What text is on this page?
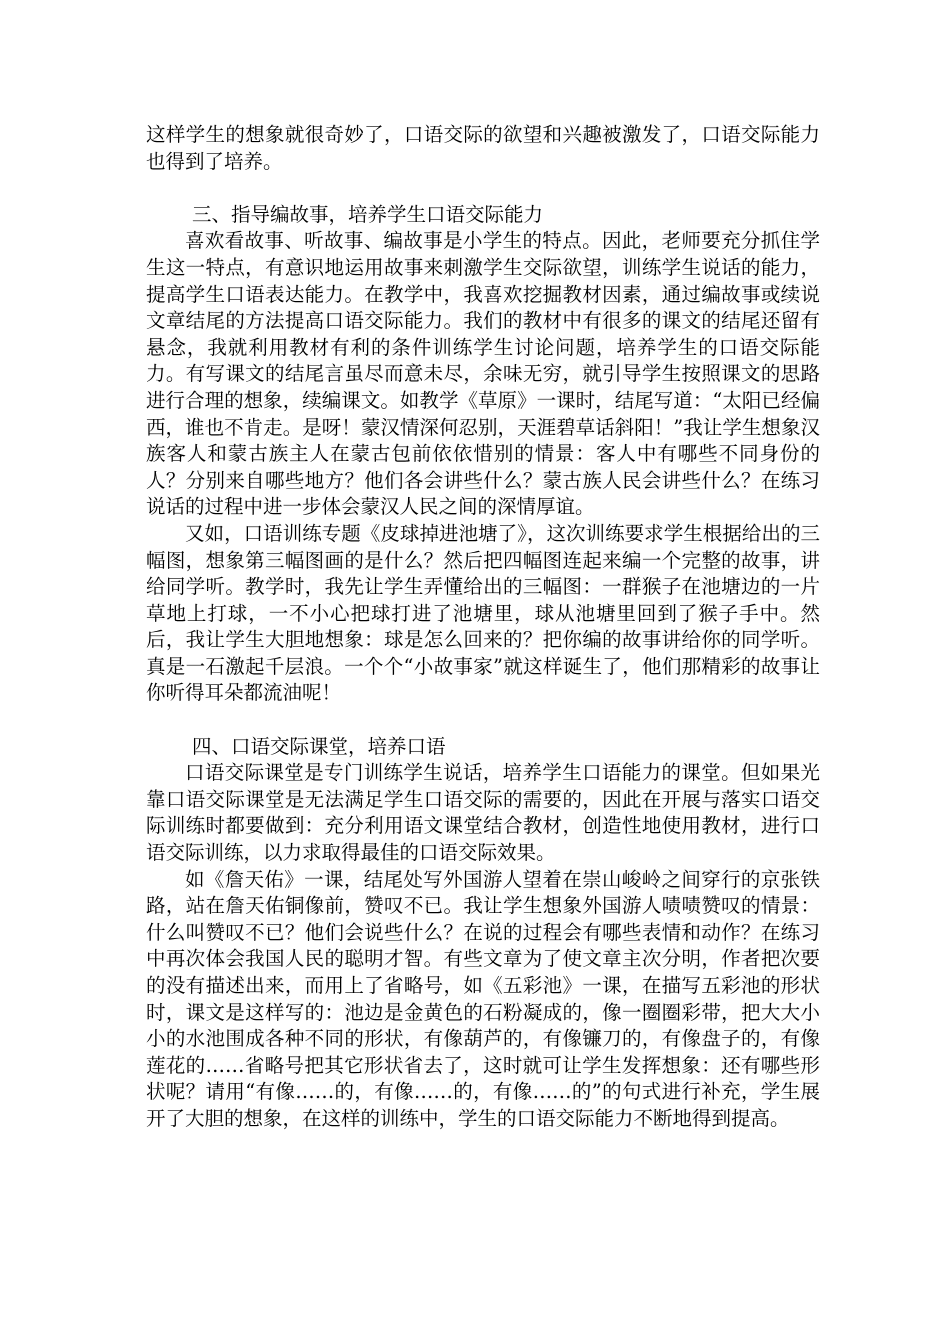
这样学生的想象就很奇妙了，口语交际的欲望和兴趣被激发了，口语交际能力也得到了培养。

三、指导编故事，培养学生口语交际能力

喜欢看故事、听故事、编故事是小学生的特点。因此，老师要充分抓住学生这一特点，有意识地运用故事来刺激学生交际欲望，训练学生说话的能力，提高学生口语表达能力。在教学中，我喜欢挖掘教材因素，通过编故事或续说文章结尾的方法提高口语交际能力。我们的教材中有很多的课文的结尾还留有悬念，我就利用教材有利的条件训练学生讨论问题，培养学生的口语交际能力。有写课文的结尾言虽尽而意未尽，余味无穷，就引导学生按照课文的思路进行合理的想象，续编课文。如教学《草原》一课时，结尾写道：“太阳已经偏西，谁也不肯走。是呀！蒙汉情深何忍别，天涯碧草话斜阳！”我让学生想象汉族客人和蒙古族主人在蒙古包前依依惜别的情景：客人中有哪些不同身份的人？分别来自哪些地方？他们各会讲些什么？蒙古族人民会讲些什么？在练习说话的过程中进一步体会蒙汉人民之间的深情厚谊。

又如，口语训练专题《皮球掉进池塘了》，这次训练要求学生根据给出的三幅图，想象第三幅图画的是什么？然后把四幅图连起来编一个完整的故事，讲给同学听。教学时，我先让学生弄懂给出的三幅图：一群猴子在池塘边的一片草地上打球，一不小心把球打进了池塘里，球从池塘里回到了猴子手中。然后，我让学生大胆地想象：球是怎么回来的？把你编的故事讲给你的同学听。真是一石激起千层浪。一个个“小故事家”就这样诞生了，他们那精彩的故事让你听得耳朵都流油呢！

四、口语交际课堂，培养口语

口语交际课堂是专门训练学生说话，培养学生口语能力的课堂。但如果光靠口语交际课堂是无法满足学生口语交际的需要的，因此在开展与落实口语交际训练时都要做到：充分利用语文课堂结合教材，创造性地使用教材，进行口语交际训练，以力求取得最佳的口语交际效果。

如《詹天佑》一课，结尾处写外国游人望着在崇山峻岭之间穿行的京张铁路，站在詹天佑铜像前，赞叹不已。我让学生想象外国游人啧啧赞叹的情景：什么叫赞叹不已？他们会说些什么？在说的过程会有哪些表情和动作？在练习中再次体会我国人民的聪明才智。有些文章为了使文章主次分明，作者把次要的没有描述出来，而用上了省略号，如《五彩池》一课，在描写五彩池的形状时，课文是这样写的：池边是金黄色的石粉凝成的，像一圈圈彩带，把大大小小的水池围成各种不同的形状，有像葫芦的，有像镰刀的，有像盘子的，有像莲花的……省略号把其它形状省去了，这时就可让学生发挥想象：还有哪些形状呢？请用“有像……的，有像……的，有像……的”的句式进行补充，学生展开了大胆的想象，在这样的训练中，学生的口语交际能力不断地得到提高。
